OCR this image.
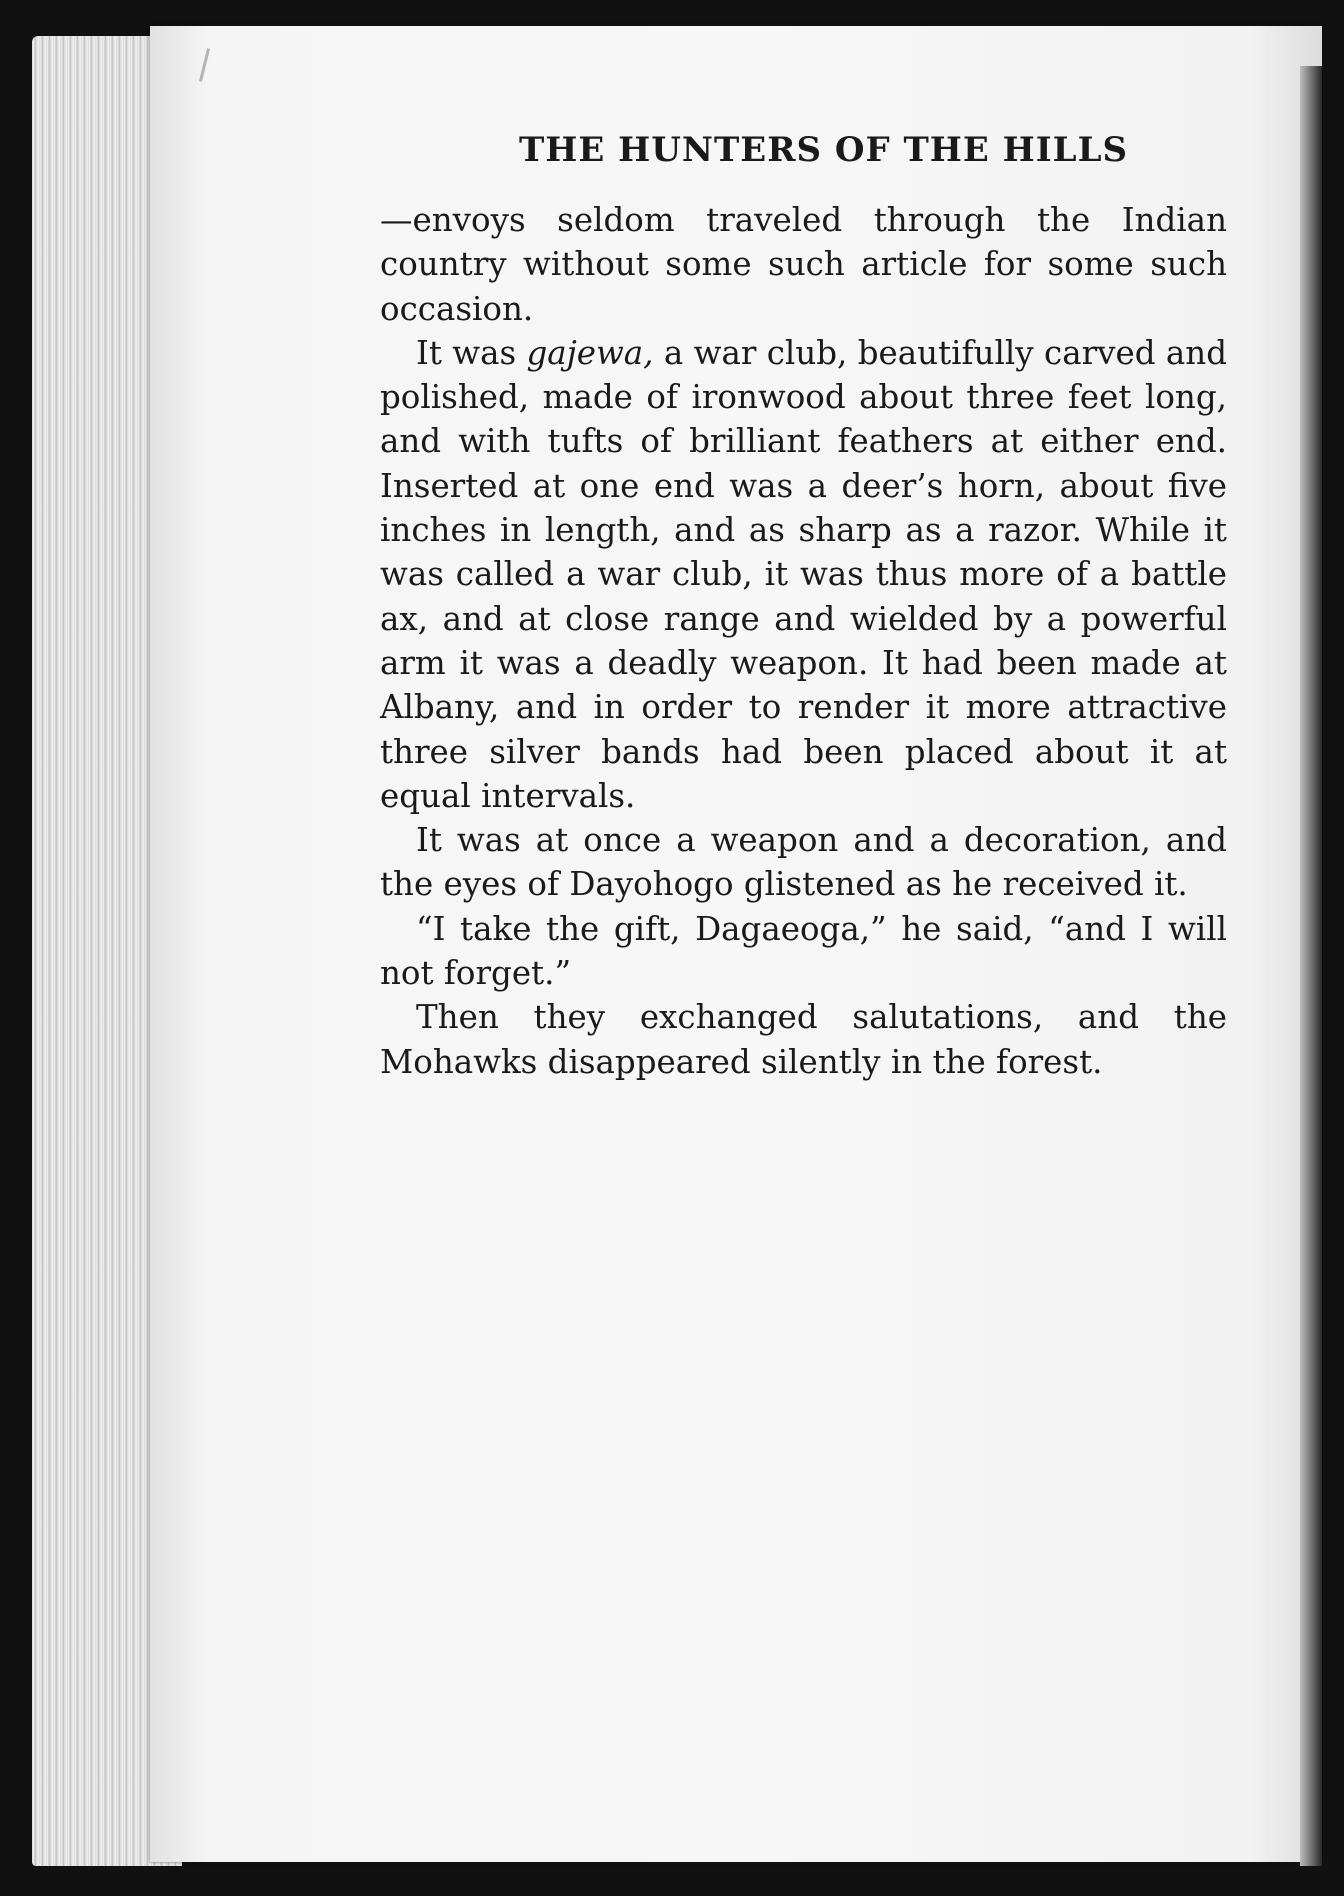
THE HUNTERS OF THE HILLS

—envoys seldom traveled through the Indian country without some such article for some such occasion.

It was gajewa, a war club, beautifully carved and polished, made of ironwood about three feet long, and with tufts of brilliant feathers at either end. Inserted at one end was a deer’s horn, about five inches in length, and as sharp as a razor. While it was called a war club, it was thus more of a battle ax, and at close range and wielded by a powerful arm it was a deadly weapon. It had been made at Albany, and in order to render it more attractive three silver bands had been placed about it at equal intervals.

It was at once a weapon and a decoration, and the eyes of Dayohogo glistened as he received it.

“I take the gift, Dagaeoga,” he said, “and I will not forget.”

Then they exchanged salutations, and the Mohawks disappeared silently in the forest.
